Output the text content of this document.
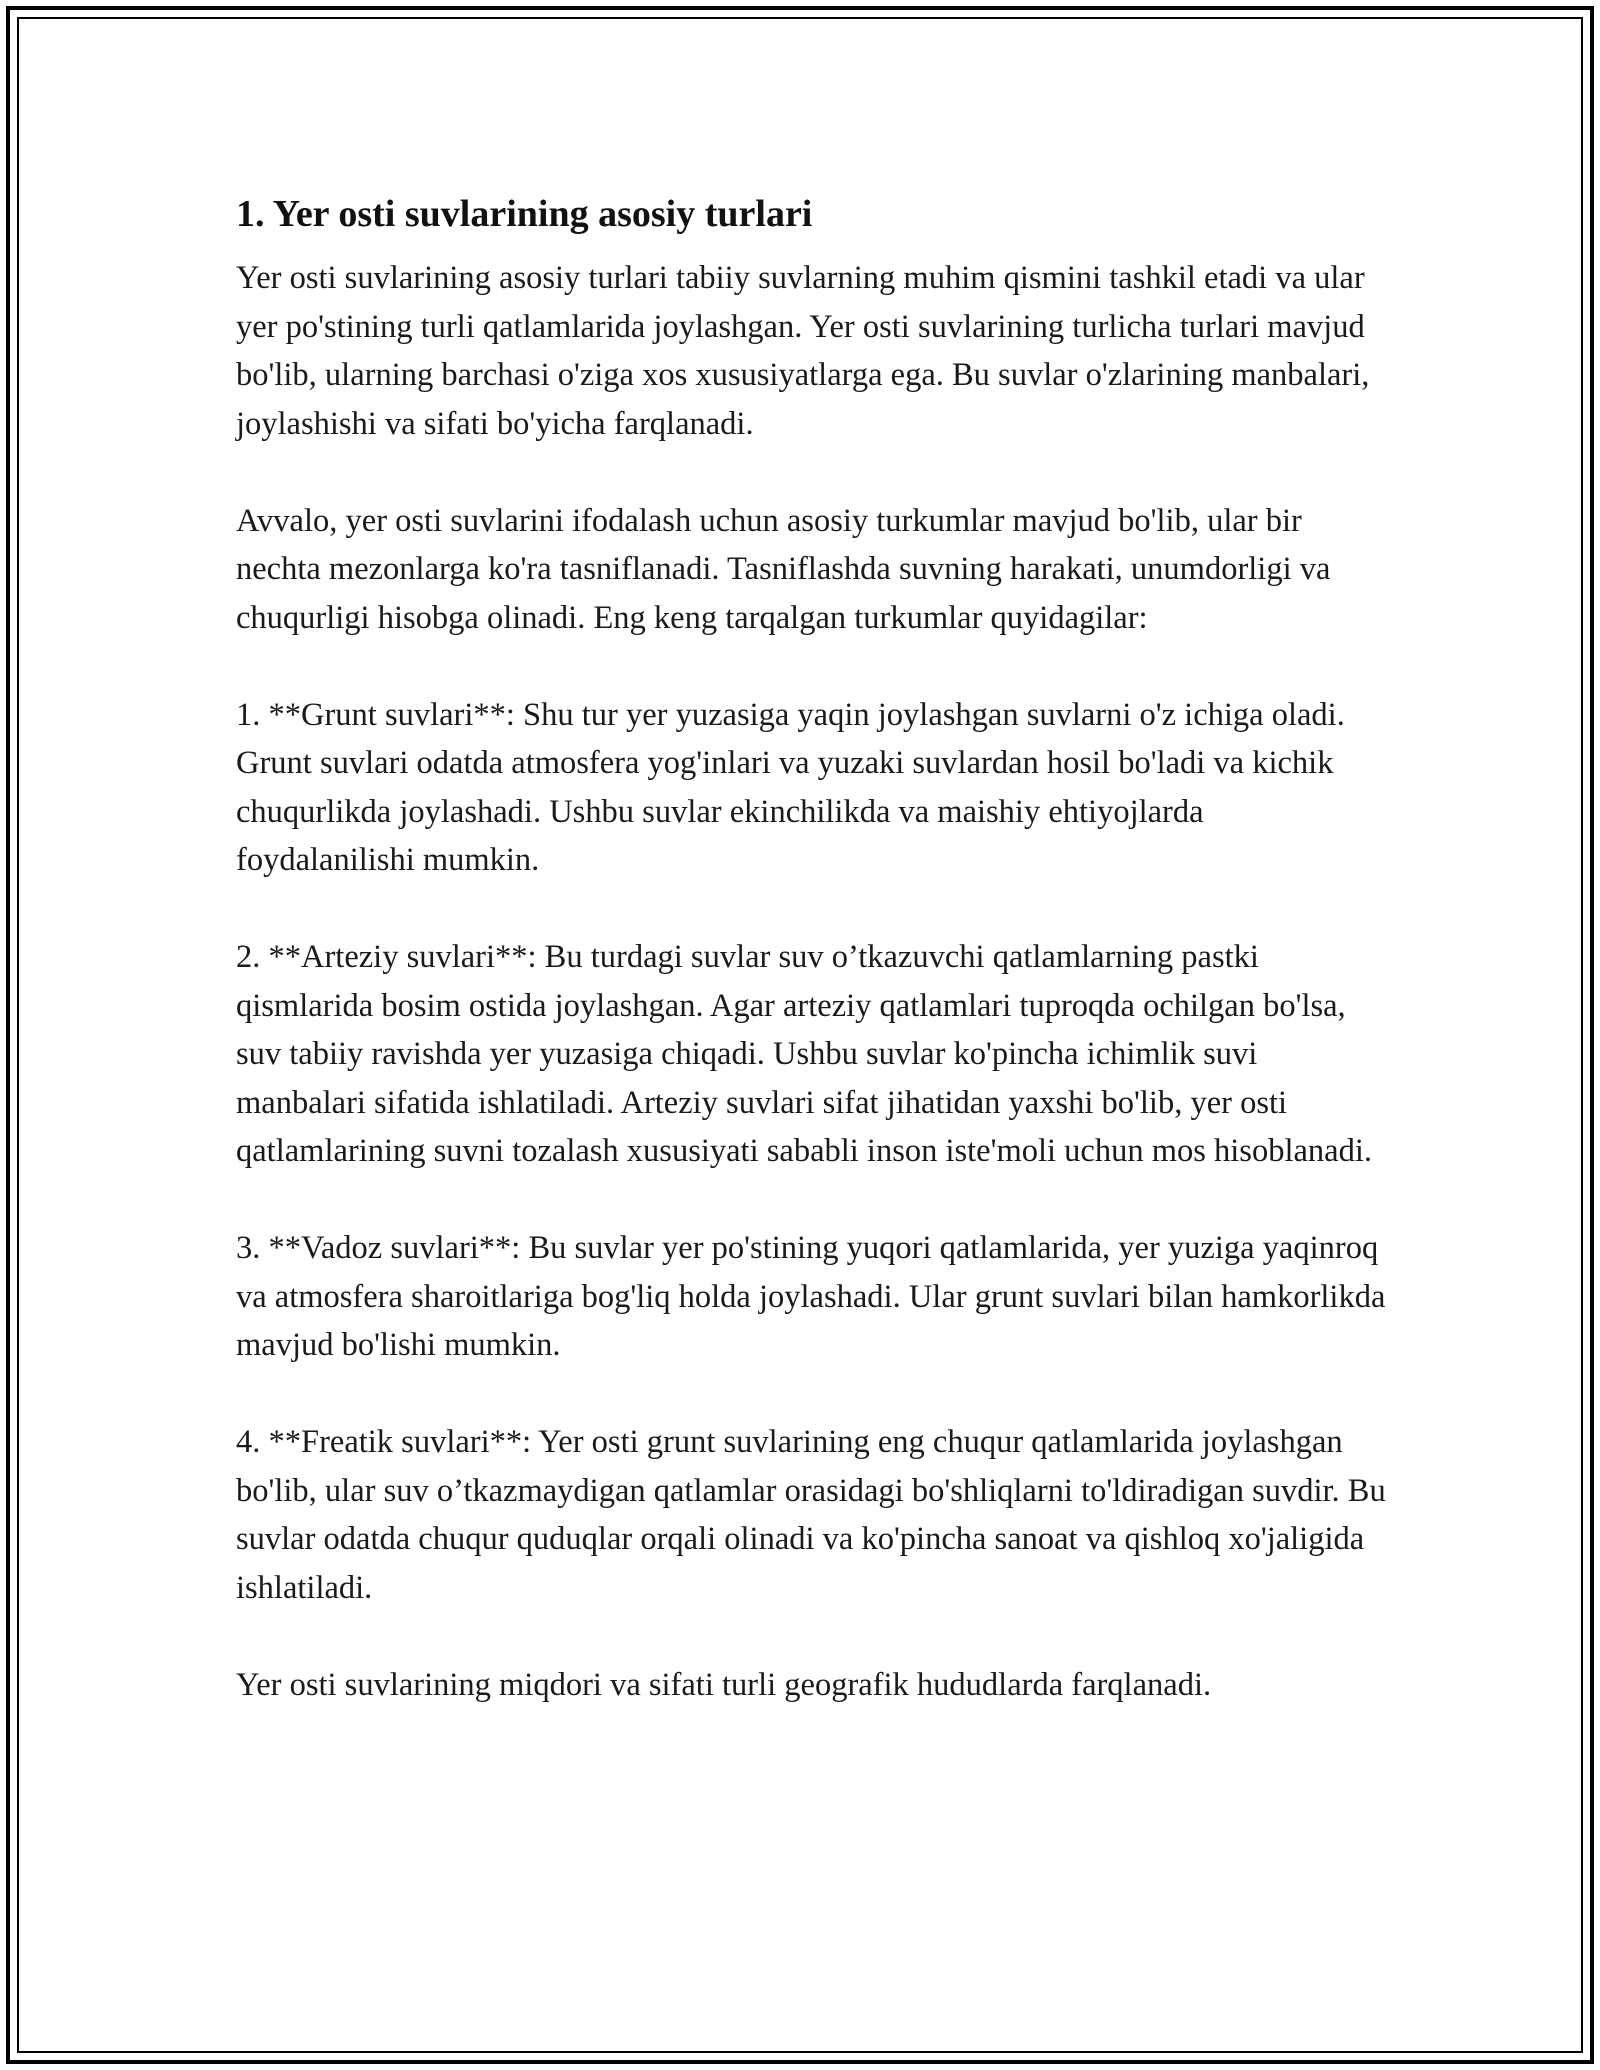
1. Yer osti suvlarining asosiy turlari

Yer osti suvlarining asosiy turlari tabiiy suvlarning muhim qismini tashkil etadi va ular yer po'stining turli qatlamlarida joylashgan. Yer osti suvlarining turlicha turlari mavjud bo'lib, ularning barchasi o'ziga xos xususiyatlarga ega. Bu suvlar o'zlarining manbalari, joylashishi va sifati bo'yicha farqlanadi.

Avvalo, yer osti suvlarini ifodalash uchun asosiy turkumlar mavjud bo'lib, ular bir nechta mezonlarga ko'ra tasniflanadi. Tasniflashda suvning harakati, unumdorligi va chuqurligi hisobga olinadi. Eng keng tarqalgan turkumlar quyidagilar:

1. **Grunt suvlari**: Shu tur yer yuzasiga yaqin joylashgan suvlarni o'z ichiga oladi. Grunt suvlari odatda atmosfera yog'inlari va yuzaki suvlardan hosil bo'ladi va kichik chuqurlikda joylashadi. Ushbu suvlar ekinchilikda va maishiy ehtiyojlarda foydalanilishi mumkin.

2. **Arteziy suvlari**: Bu turdagi suvlar suv o’tkazuvchi qatlamlarning pastki qismlarida bosim ostida joylashgan. Agar arteziy qatlamlari tuproqda ochilgan bo'lsa, suv tabiiy ravishda yer yuzasiga chiqadi. Ushbu suvlar ko'pincha ichimlik suvi manbalari sifatida ishlatiladi. Arteziy suvlari sifat jihatidan yaxshi bo'lib, yer osti qatlamlarining suvni tozalash xususiyati sababli inson iste'moli uchun mos hisoblanadi.

3. **Vadoz suvlari**: Bu suvlar yer po'stining yuqori qatlamlarida, yer yuziga yaqinroq va atmosfera sharoitlariga bog'liq holda joylashadi. Ular grunt suvlari bilan hamkorlikda mavjud bo'lishi mumkin.

4. **Freatik suvlari**: Yer osti grunt suvlarining eng chuqur qatlamlarida joylashgan bo'lib, ular suv o’tkazmaydigan qatlamlar orasidagi bo'shliqlarni to'ldiradigan suvdir. Bu suvlar odatda chuqur quduqlar orqali olinadi va ko'pincha sanoat va qishloq xo'jaligida ishlatiladi.

Yer osti suvlarining miqdori va sifati turli geografik hududlarda farqlanadi.
